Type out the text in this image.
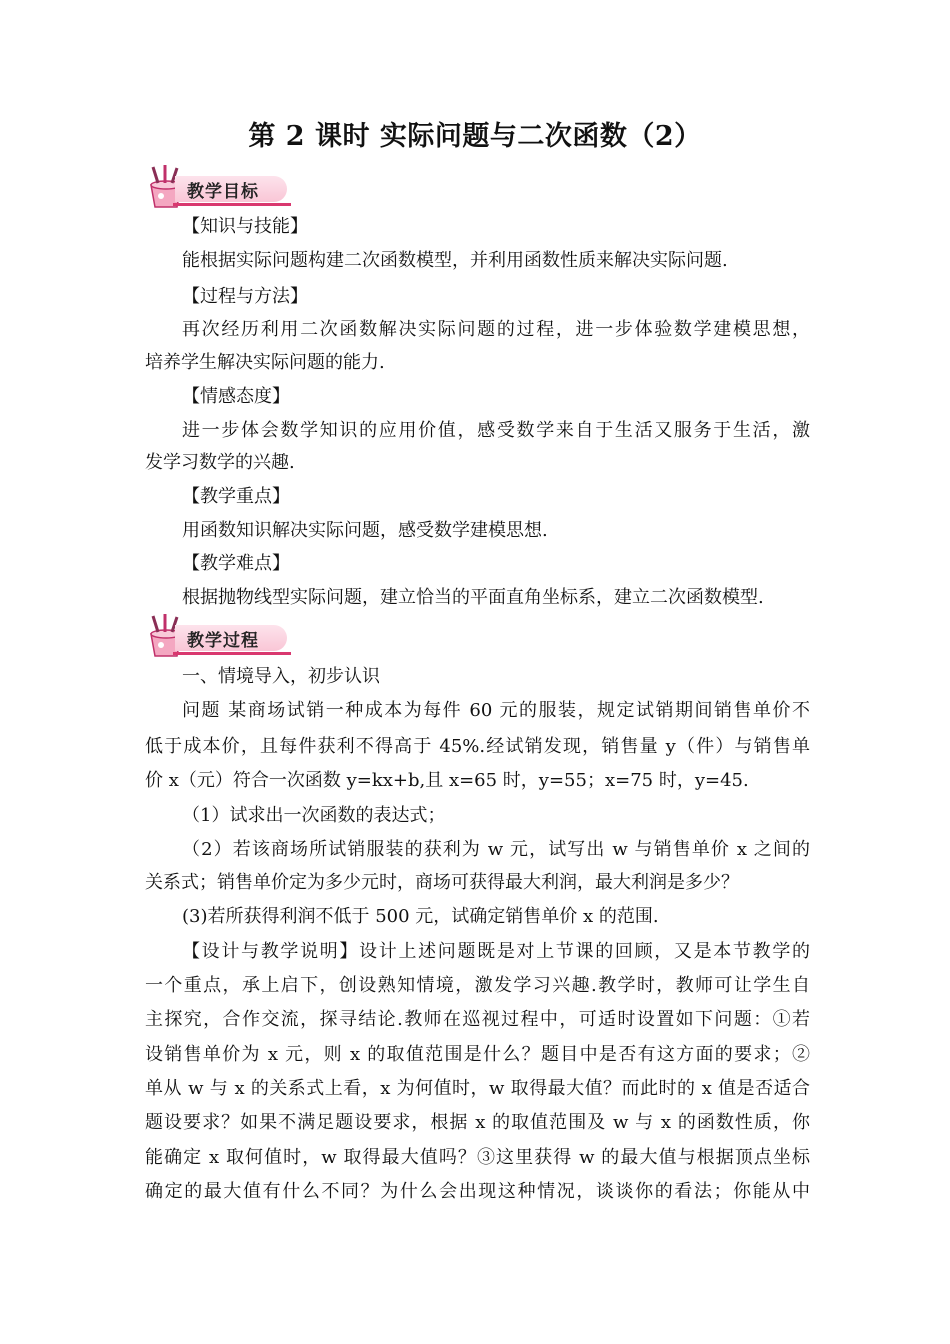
第 2 课时 实际问题与二次函数（2）
教学目标
【知识与技能】
能根据实际问题构建二次函数模型，并利用函数性质来解决实际问题.
【过程与方法】
再次经历利用二次函数解决实际问题的过程，进一步体验数学建模思想，
培养学生解决实际问题的能力.
【情感态度】
进一步体会数学知识的应用价值，感受数学来自于生活又服务于生活，激
发学习数学的兴趣.
【教学重点】
用函数知识解决实际问题，感受数学建模思想.
【教学难点】
根据抛物线型实际问题，建立恰当的平面直角坐标系，建立二次函数模型.
教学过程
一、情境导入，初步认识
问题 某商场试销一种成本为每件 60 元的服装，规定试销期间销售单价不
低于成本价，且每件获利不得高于 45%.经试销发现，销售量 y（件）与销售单
价 x（元）符合一次函数 y=kx+b,且 x=65 时，y=55；x=75 时，y=45.
（1）试求出一次函数的表达式；
（2）若该商场所试销服装的获利为 w 元，试写出 w 与销售单价 x 之间的
关系式；销售单价定为多少元时，商场可获得最大利润，最大利润是多少？
(3)若所获得利润不低于 500 元，试确定销售单价 x 的范围.
【设计与教学说明】设计上述问题既是对上节课的回顾，又是本节教学的
一个重点，承上启下，创设熟知情境，激发学习兴趣.教学时，教师可让学生自
主探究，合作交流，探寻结论.教师在巡视过程中，可适时设置如下问题：①若
设销售单价为 x 元，则 x 的取值范围是什么？题目中是否有这方面的要求；②
单从 w 与 x 的关系式上看，x 为何值时，w 取得最大值？而此时的 x 值是否适合
题设要求？如果不满足题设要求，根据 x 的取值范围及 w 与 x 的函数性质，你
能确定 x 取何值时，w 取得最大值吗？③这里获得 w 的最大值与根据顶点坐标
确定的最大值有什么不同？为什么会出现这种情况，谈谈你的看法；你能从中
